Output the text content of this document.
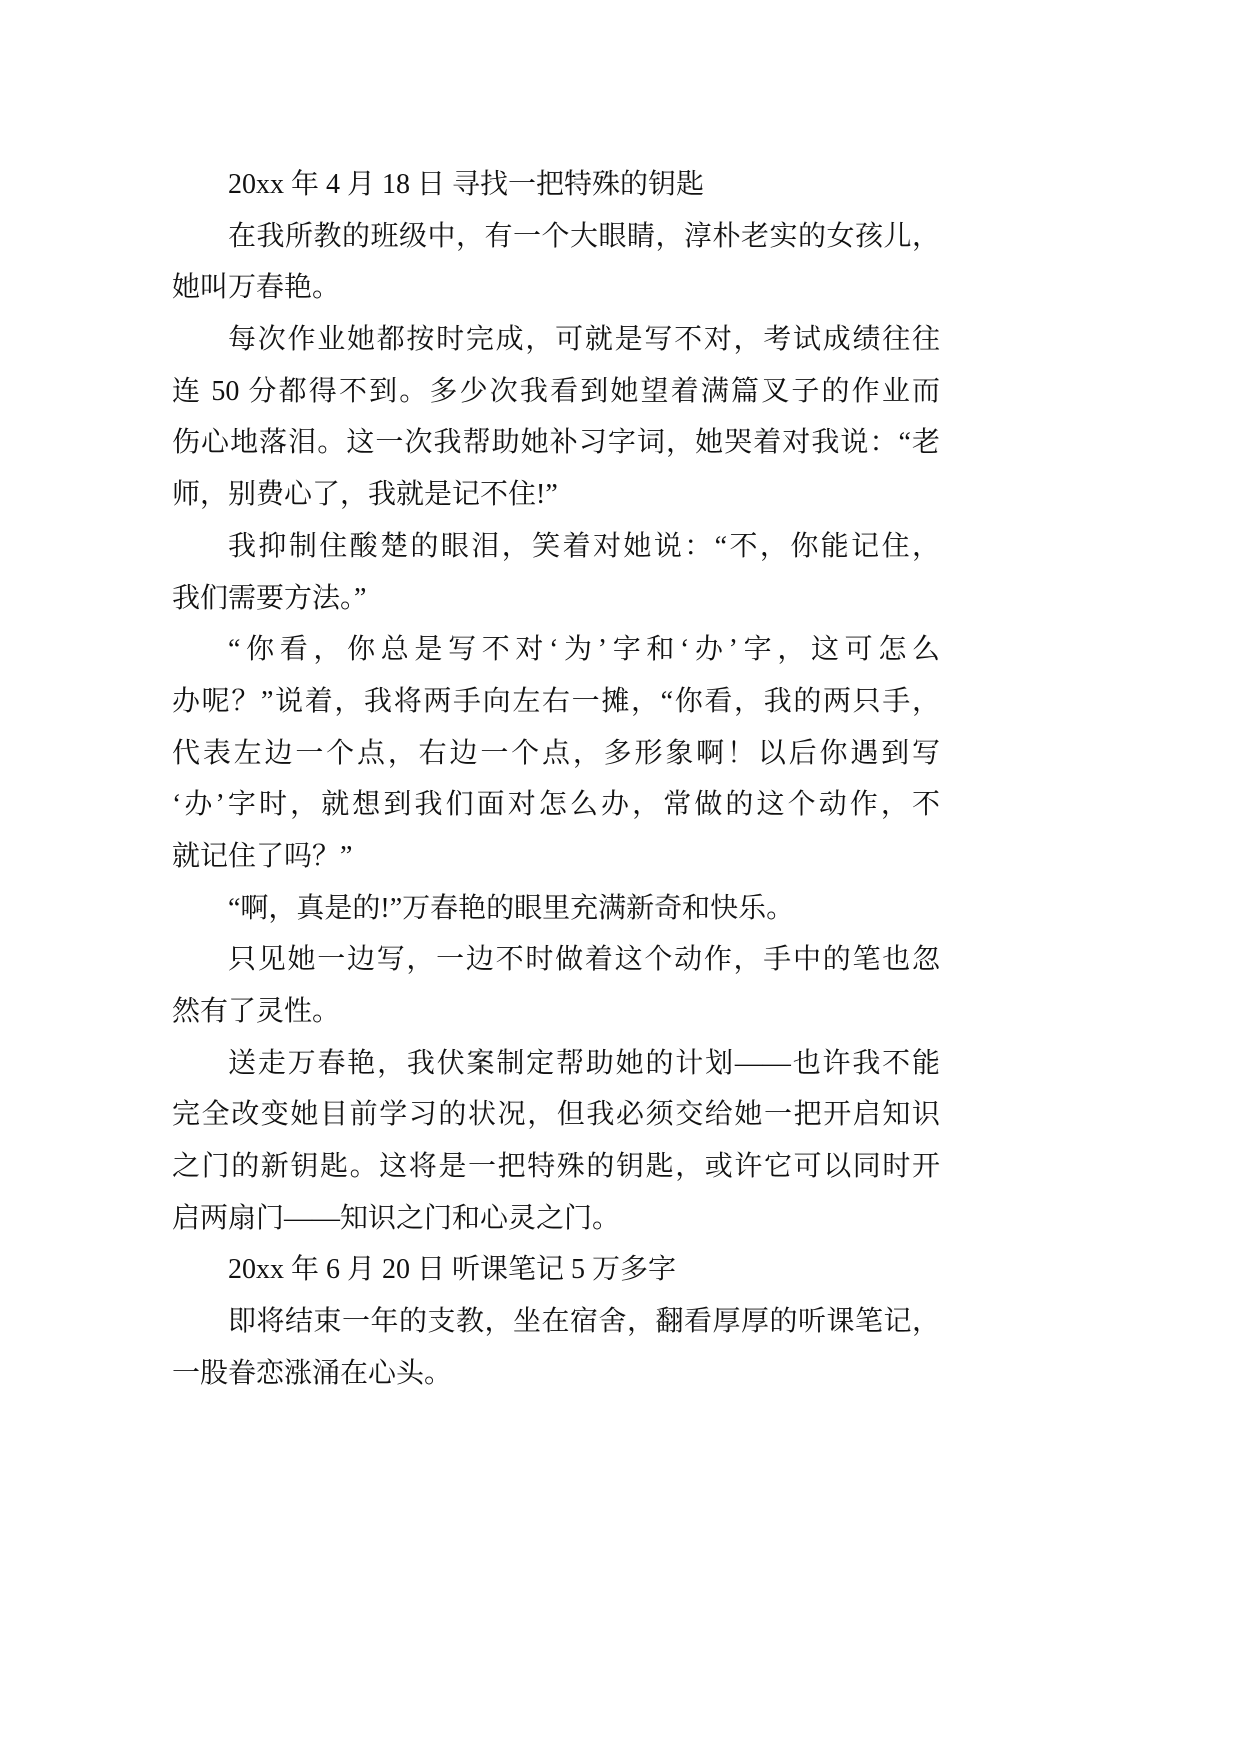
20xx 年 4 月 18 日 寻找一把特殊的钥匙
在我所教的班级中，有一个大眼睛，淳朴老实的女孩儿，
她叫万春艳。
每次作业她都按时完成，可就是写不对，考试成绩往往
连 50 分都得不到。多少次我看到她望着满篇叉子的作业而
伤心地落泪。这一次我帮助她补习字词，她哭着对我说：“老
师，别费心了，我就是记不住!”
我抑制住酸楚的眼泪，笑着对她说：“不，你能记住，
我们需要方法。”
“你看，你总是写不对‘为’字和‘办’字，这可怎么
办呢？”说着，我将两手向左右一摊，“你看，我的两只手，
代表左边一个点，右边一个点，多形象啊！以后你遇到写
‘办’字时，就想到我们面对怎么办，常做的这个动作，不
就记住了吗？”
“啊，真是的!”万春艳的眼里充满新奇和快乐。
只见她一边写，一边不时做着这个动作，手中的笔也忽
然有了灵性。
送走万春艳，我伏案制定帮助她的计划——也许我不能
完全改变她目前学习的状况，但我必须交给她一把开启知识
之门的新钥匙。这将是一把特殊的钥匙，或许它可以同时开
启两扇门——知识之门和心灵之门。
20xx 年 6 月 20 日 听课笔记 5 万多字
即将结束一年的支教，坐在宿舍，翻看厚厚的听课笔记，
一股眷恋涨涌在心头。
